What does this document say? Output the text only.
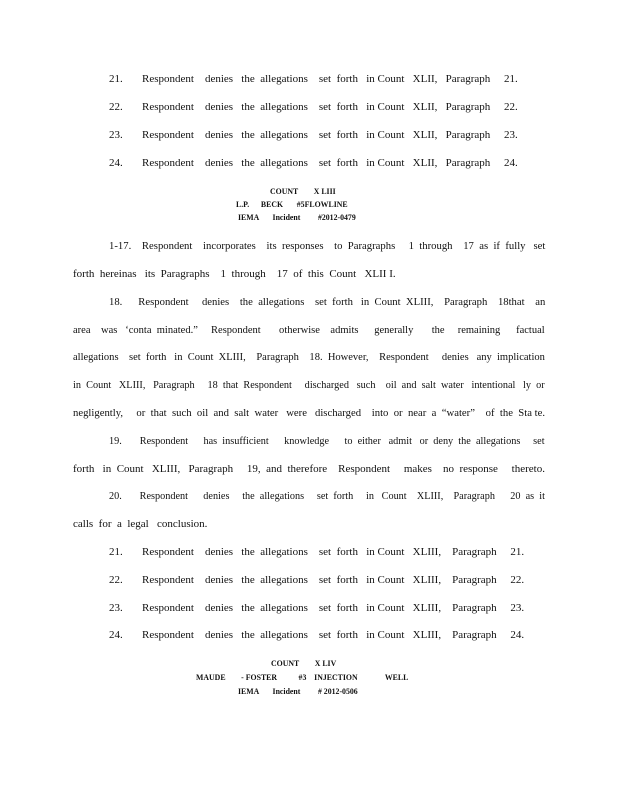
21. Respondent    denies   the  allegations    set  forth   in Count   XLII,   Paragraph     21.
22. Respondent    denies   the  allegations    set  forth   in Count   XLII,   Paragraph     22.
23. Respondent    denies   the  allegations    set  forth   in Count   XLII,   Paragraph     23.
24. Respondent    denies   the  allegations    set  forth   in Count   XLII,   Paragraph     24.
COUNT        X LIII
L.P.      BECK       #5FLOWLINE
IEMA       Incident         #2012-0479
1-17.    Respondent    incorporates    its  responses    to  Paragraphs     1  through    17  as  if  fully   set
forth  hereinas   its  Paragraphs    1  through    17  of  this  Count   XLII I.
18.      Respondent     denies    the  allegations    set  forth   in  Count  XLIII,    Paragraph    18that    an
area    was   ‘conta  minated.”     Respondent       otherwise    admits      generally       the     remaining      factual
allegations    set  forth   in  Count  XLIII,    Paragraph    18.  However,    Respondent     denies   any  implication
in  Count   XLIII,   Paragraph     18  that  Respondent     discharged   such    oil  and  salt  water   intentional   ly  or
negligently,     or  that  such  oil  and  salt  water   were   discharged    into  or  near  a  “water”    of  the  Sta te.
19.       Respondent      has  insufficient      knowledge      to  either   admit   or  deny  the  allegations     set
forth   in  Count   XLIII,   Paragraph     19,  and  therefore    Respondent     makes    no  response     thereto.
20.       Respondent      denies     the  allegations     set  forth     in   Count    XLIII,    Paragraph      20  as  it
calls  for  a  legal   conclusion.
21. Respondent    denies   the  allegations    set  forth   in Count   XLIII,    Paragraph     21.
22. Respondent    denies   the  allegations    set  forth   in Count   XLIII,    Paragraph     22.
23. Respondent    denies   the  allegations    set  forth   in Count   XLIII,    Paragraph     23.
24. Respondent    denies   the  allegations    set  forth   in Count   XLIII,    Paragraph     24.
COUNT        X LIV
MAUDE        - FOSTER           #3    INJECTION              WELL
IEMA       Incident         # 2012-0506
